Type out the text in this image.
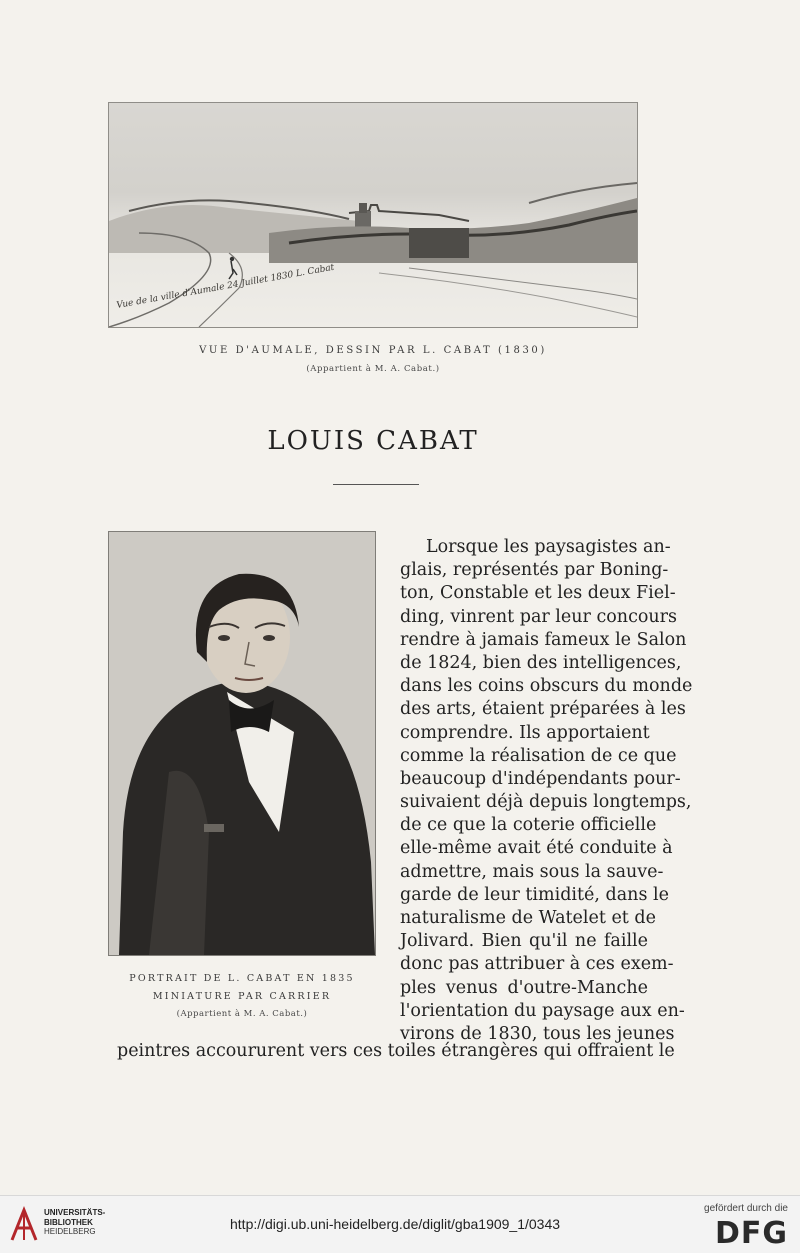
Vue de la ville d'Aumale 24 Juillet 1830 L. Cabat
VUE D'AUMALE, DESSIN PAR L. CABAT (1830)
(Appartient à M. A. Cabat.)
LOUIS CABAT
PORTRAIT DE L. CABAT EN 1835
MINIATURE PAR CARRIER
(Appartient à M. A. Cabat.)

Lorsque les paysagistes an-
glais, représentés par Boning-
ton, Constable et les deux Fiel-
ding, vinrent par leur concours
rendre à jamais fameux le Salon
de 1824, bien des intelligences,
dans les coins obscurs du monde
des arts, étaient préparées à les
comprendre. Ils apportaient
comme la réalisation de ce que
beaucoup d'indépendants pour-
suivaient déjà depuis longtemps,
de ce que la coterie officielle
elle-même avait été conduite à
admettre, mais sous la sauve-
garde de leur timidité, dans le
naturalisme de Watelet et de
Jolivard. Bien qu'il ne faille
donc pas attribuer à ces exem-
ples venus d'outre-Manche
l'orientation du paysage aux en-
virons de 1830, tous les jeunes

peintres accoururent vers ces toiles étrangères qui offraient le

UNIVERSITÄTS-
BIBLIOTHEK
HEIDELBERG	http://digi.ub.uni-heidelberg.de/diglit/gba1909_1/0343
gefördert durch die
DFG
